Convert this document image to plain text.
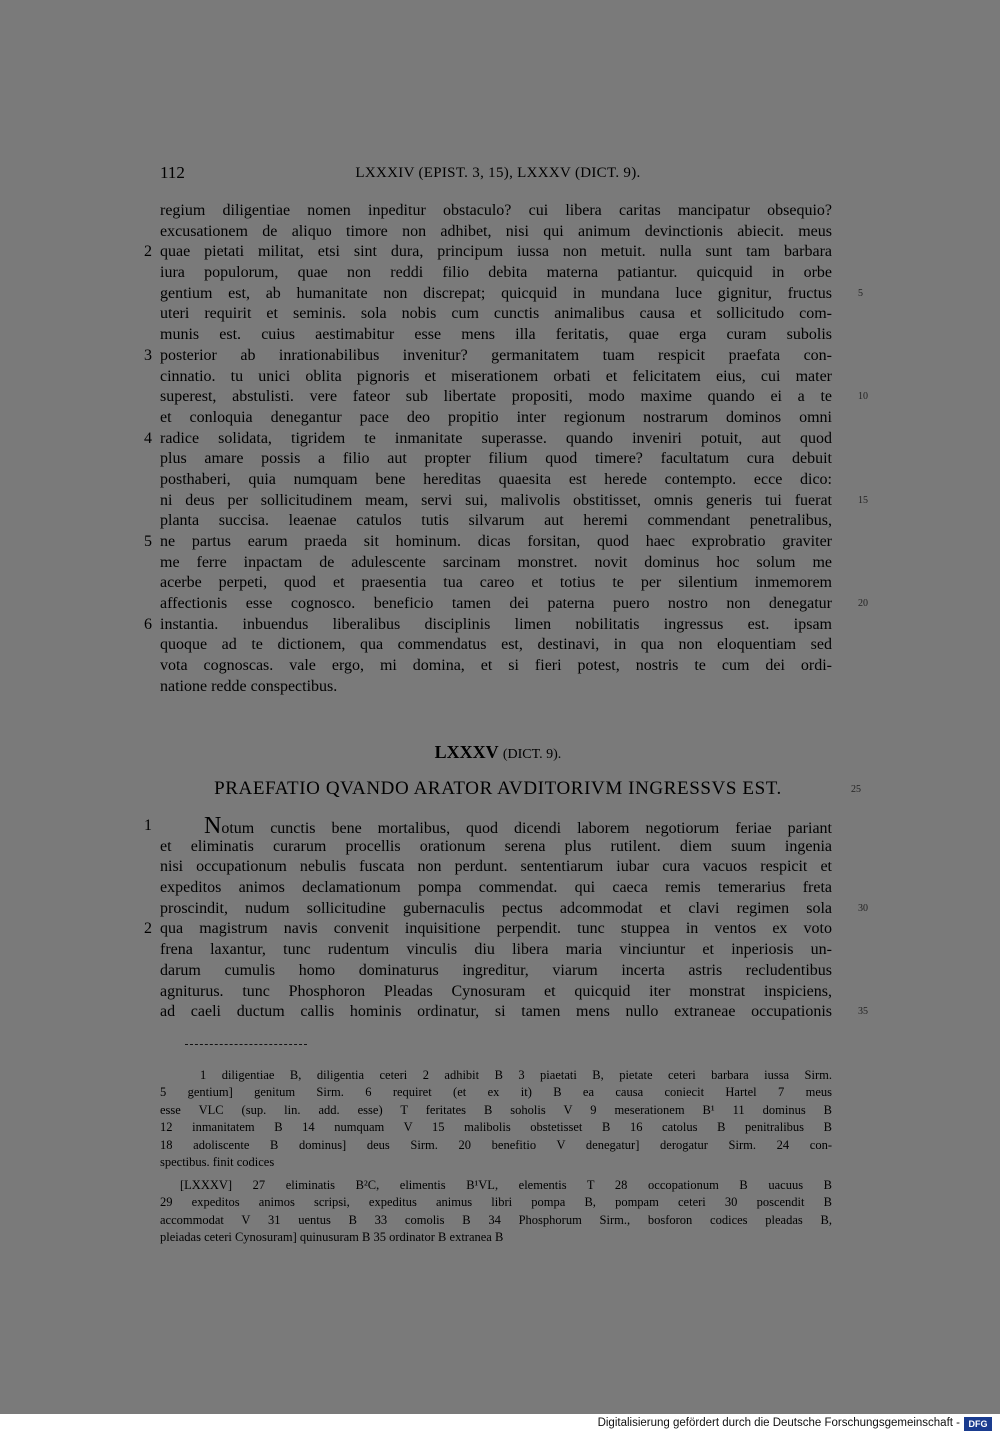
112	LXXXIV (EPIST. 3, 15), LXXXV (DICT. 9).
regium diligentiae nomen inpeditur obstaculo? cui libera caritas mancipatur obsequio?
excusationem de aliquo timore non adhibet, nisi qui animum devinctionis abiecit. meus
2 quae pietati militat, etsi sint dura, principum iussa non metuit. nulla sunt tam barbara
iura populorum, quae non reddi filio debita materna patiantur. quicquid in orbe
gentium est, ab humanitate non discrepat; quicquid in mundana luce gignitur, fructus	5
uteri requirit et seminis. sola nobis cum cunctis animalibus causa et sollicitudo com-
munis est. cuius aestimabitur esse mens illa feritatis, quae erga curam subolis
3 posterior ab inrationabilibus invenitur? germanitatem tuam respicit praefata con-
cinnatio. tu unici oblita pignoris et miserationem orbati et felicitatem eius, cui mater
superest, abstulisti. vere fateor sub libertate propositi, modo maxime quando ei a te	10
et conloquia denegantur pace deo propitio inter regionum nostrarum dominos omni
4 radice solidata, tigridem te inmanitate superasse. quando inveniri potuit, aut quod
plus amare possis a filio aut propter filium quod timere? facultatum cura debuit
posthaberi, quia numquam bene hereditas quaesita est herede contempto. ecce dico:
ni deus per sollicitudinem meam, servi sui, malivolis obstitisset, omnis generis tui fuerat	15
planta succisa. leaenae catulos tutis silvarum aut heremi commendant penetralibus,
5 ne partus earum praeda sit hominum. dicas forsitan, quod haec exprobratio graviter
me ferre inpactam de adulescente sarcinam monstret. novit dominus hoc solum me
acerbe perpeti, quod et praesentia tua careo et totius te per silentium inmemorem
affectionis esse cognosco. beneficio tamen dei paterna puero nostro non denegatur	20
6 instantia. inbuendus liberalibus disciplinis limen nobilitatis ingressus est. ipsam
quoque ad te dictionem, qua commendatus est, destinavi, in qua non eloquentiam sed
vota cognoscas. vale ergo, mi domina, et si fieri potest, nostris te cum dei ordi-
natione redde conspectibus.
LXXXV (DICT. 9).
PRAEFATIO QVANDO ARATOR AVDITORIVM INGRESSVS EST.	25
1	Notum cunctis bene mortalibus, quod dicendi laborem negotiorum feriae pariant
et eliminatis curarum procellis orationum serena plus rutilent. diem suum ingenia
nisi occupationum nebulis fuscata non perdunt. sententiarum iubar cura vacuos respicit et
expeditos animos declamationum pompa commendat. qui caeca remis temerarius freta
proscindit, nudum sollicitudine gubernaculis pectus adcommodat et clavi regimen sola	30
2 qua magistrum navis convenit inquisitione perpendit. tunc stuppea in ventos ex voto
frena laxantur, tunc rudentum vinculis diu libera maria vinciuntur et inperiosis un-
darum cumulis homo dominaturus ingreditur, viarum incerta astris recludentibus
agniturus. tunc Phosphoron Pleadas Cynosuram et quicquid iter monstrat inspiciens,
ad caeli ductum callis hominis ordinatur, si tamen mens nullo extraneae occupationis	35
1 diligentiae B, diligentia ceteri 2 adhibit B 3 piaetati B, pietate ceteri barbara iussa Sirm.
5 gentium] genitum Sirm. 6 requiret (et ex it) B ea causa coniecit Hartel 7 meus
esse VLC (sup. lin. add. esse) T feritates B soholis V 9 meserationem B¹ 11 dominus B
12 inmanitatem B 14 numquam V 15 malibolis obstetisset B 16 catolus B penitralibus B
18 adoliscente B dominus] deus Sirm. 20 benefitio V denegatur] derogatur Sirm. 24 con-
spectibus. finit codices
[LXXXV] 27 eliminatis B²C, elimentis B¹VL, elementis T 28 occopationum B uacuus B
29 expeditos animos scripsi, expeditus animus libri pompa B, pompam ceteri 30 poscendit B
accommodat V 31 uentus B 33 comolis B 34 Phosphorum Sirm., bosforon codices pleadas B,
pleiadas ceteri Cynosuram] quinusuram B 35 ordinator B extranea B
Digitalisierung gefördert durch die Deutsche Forschungsgemeinschaft - DFG
